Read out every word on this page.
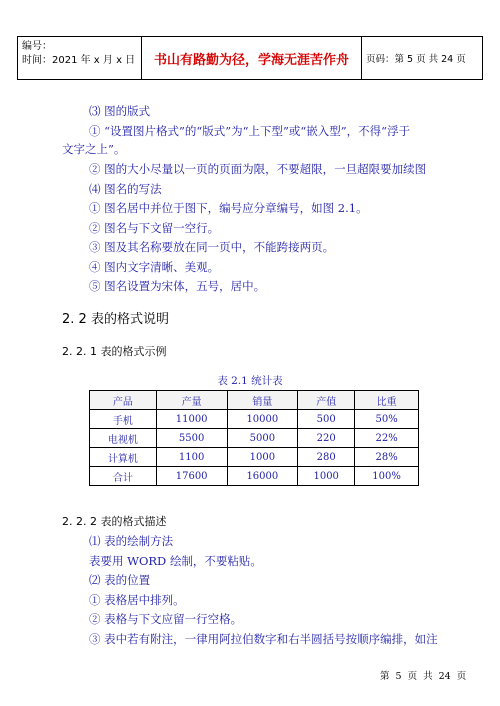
编号：
时间：2021 年 x 月 x 日	书山有路勤为径，学海无涯苦作舟	页码：第 5 页 共 24 页
⑶ 图的版式
① “设置图片格式”的“版式”为“上下型”或“嵌入型”，不得“浮于
文字之上”。
② 图的大小尽量以一页的页面为限，不要超限，一旦超限要加续图
⑷ 图名的写法
① 图名居中并位于图下，编号应分章编号，如图 2.1。
② 图名与下文留一空行。
③ 图及其名称要放在同一页中，不能跨接两页。
④ 图内文字清晰、美观。
⑤ 图名设置为宋体，五号，居中。
2. 2 表的格式说明
2. 2. 1 表的格式示例
表 2.1 统计表
产品	产量	销量	产值	比重
手机	11000	10000	500	50%
电视机	5500	5000	220	22%
计算机	1100	1000	280	28%
合计	17600	16000	1000	100%
2. 2. 2 表的格式描述
⑴ 表的绘制方法
表要用 WORD 绘制，不要粘贴。
⑵ 表的位置
① 表格居中排列。
② 表格与下文应留一行空格。
③ 表中若有附注，一律用阿拉伯数字和右半圆括号按顺序编排，如注
第 5 页 共 24 页
